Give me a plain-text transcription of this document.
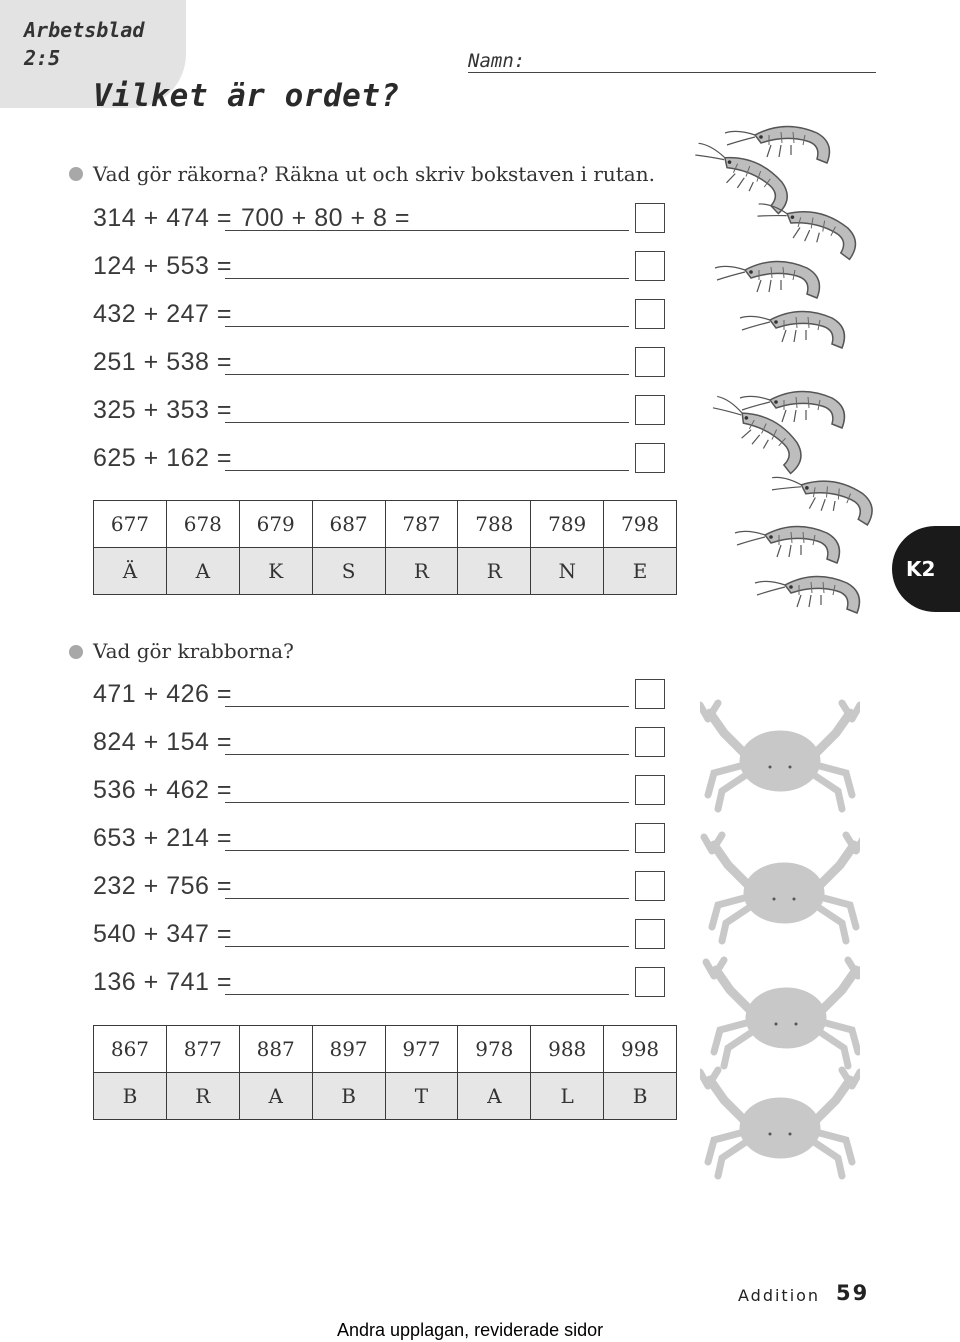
Arbetsblad
2:5
Vilket är ordet?
Namn:
Vad gör räkorna? Räkna ut och skriv bokstaven i rutan.
314 + 474 = 700 + 80 + 8 =
124 + 553 =
432 + 247 =
251 + 538 =
325 + 353 =
625 + 162 =
677	678	679	687	787	788	789	798
Ä	A	K	S	R	R	N	E
Vad gör krabborna?
471 + 426 =
824 + 154 =
536 + 462 =
653 + 214 =
232 + 756 =
540 + 347 =
136 + 741 =
867	877	887	897	977	978	988	998
B	R	A	B	T	A	L	B
K2
Addition 59
Andra upplagan, reviderade sidor
